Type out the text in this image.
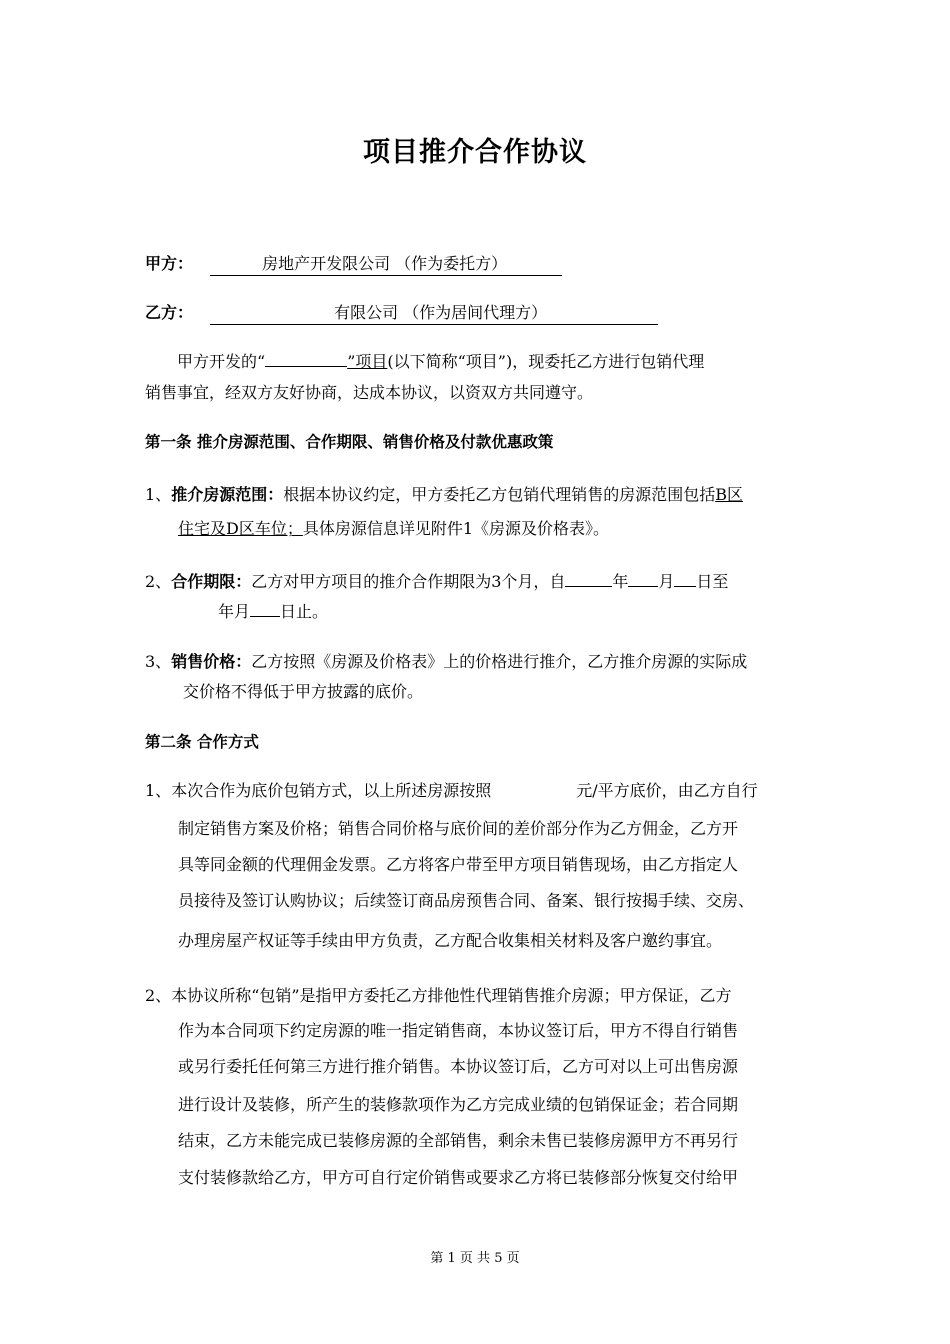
项目推介合作协议
甲方：	房地产开发限公司 （作为委托方）
乙方：	有限公司 （作为居间代理方）
甲方开发的“	”项目(以下简称“项目”)，现委托乙方进行包销代理
销售事宜，经双方友好协商，达成本协议，以资双方共同遵守。
第一条 推介房源范围、合作期限、销售价格及付款优惠政策
1、推介房源范围：根据本协议约定，甲方委托乙方包销代理销售的房源范围包括B区
住宅及D区车位；具体房源信息详见附件1《房源及价格表》。
2、合作期限：乙方对甲方项目的推介合作期限为3个月，自	年 月 日至
年月 日止。
3、销售价格：乙方按照《房源及价格表》上的价格进行推介，乙方推介房源的实际成
交价格不得低于甲方披露的底价。
第二条 合作方式
1、本次合作为底价包销方式，以上所述房源按照	元/平方底价，由乙方自行
制定销售方案及价格；销售合同价格与底价间的差价部分作为乙方佣金，乙方开
具等同金额的代理佣金发票。乙方将客户带至甲方项目销售现场，由乙方指定人
员接待及签订认购协议；后续签订商品房预售合同、备案、银行按揭手续、交房、
办理房屋产权证等手续由甲方负责，乙方配合收集相关材料及客户邀约事宜。
2、本协议所称“包销”是指甲方委托乙方排他性代理销售推介房源；甲方保证，乙方
作为本合同项下约定房源的唯一指定销售商，本协议签订后，甲方不得自行销售
或另行委托任何第三方进行推介销售。本协议签订后，乙方可对以上可出售房源
进行设计及装修，所产生的装修款项作为乙方完成业绩的包销保证金；若合同期
结束，乙方未能完成已装修房源的全部销售，剩余未售已装修房源甲方不再另行
支付装修款给乙方，甲方可自行定价销售或要求乙方将已装修部分恢复交付给甲
第 1 页 共 5 页
